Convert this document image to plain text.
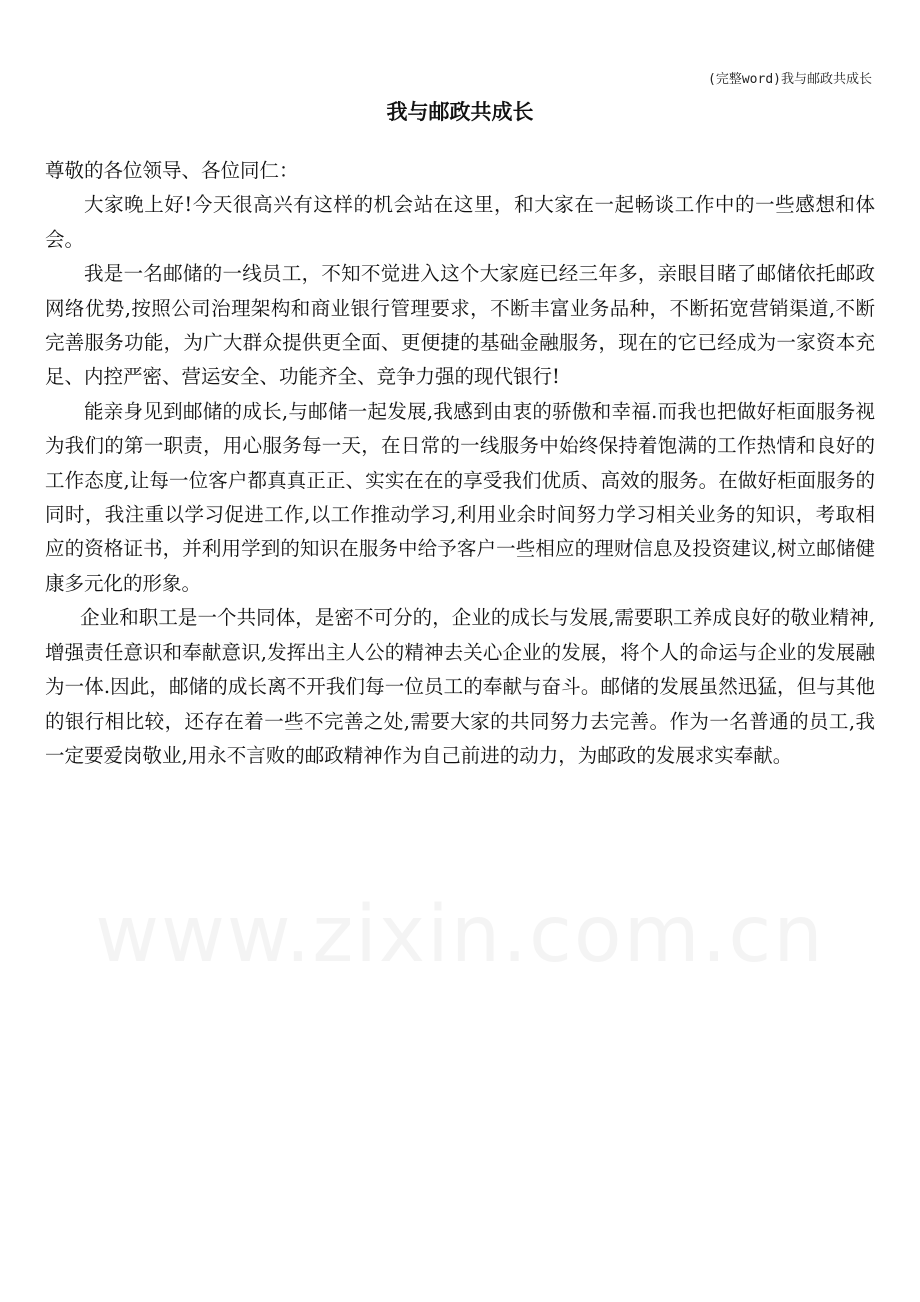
(完整word)我与邮政共成长
我与邮政共成长

尊敬的各位领导、各位同仁：

大家晚上好!今天很高兴有这样的机会站在这里，和大家在一起畅谈工作中的一些感想和体会。

我是一名邮储的一线员工，不知不觉进入这个大家庭已经三年多，亲眼目睹了邮储依托邮政网络优势,按照公司治理架构和商业银行管理要求，不断丰富业务品种，不断拓宽营销渠道,不断完善服务功能，为广大群众提供更全面、更便捷的基础金融服务，现在的它已经成为一家资本充足、内控严密、营运安全、功能齐全、竞争力强的现代银行!

能亲身见到邮储的成长,与邮储一起发展,我感到由衷的骄傲和幸福.而我也把做好柜面服务视为我们的第一职责，用心服务每一天，在日常的一线服务中始终保持着饱满的工作热情和良好的工作态度,让每一位客户都真真正正、实实在在的享受我们优质、高效的服务。在做好柜面服务的同时，我注重以学习促进工作,以工作推动学习,利用业余时间努力学习相关业务的知识，考取相应的资格证书，并利用学到的知识在服务中给予客户一些相应的理财信息及投资建议,树立邮储健康多元化的形象。

企业和职工是一个共同体，是密不可分的，企业的成长与发展,需要职工养成良好的敬业精神,增强责任意识和奉献意识,发挥出主人公的精神去关心企业的发展，将个人的命运与企业的发展融为一体.因此，邮储的成长离不开我们每一位员工的奉献与奋斗。邮储的发展虽然迅猛，但与其他的银行相比较，还存在着一些不完善之处,需要大家的共同努力去完善。作为一名普通的员工,我一定要爱岗敬业,用永不言败的邮政精神作为自己前进的动力，为邮政的发展求实奉献。

www.zixin.com.cn
